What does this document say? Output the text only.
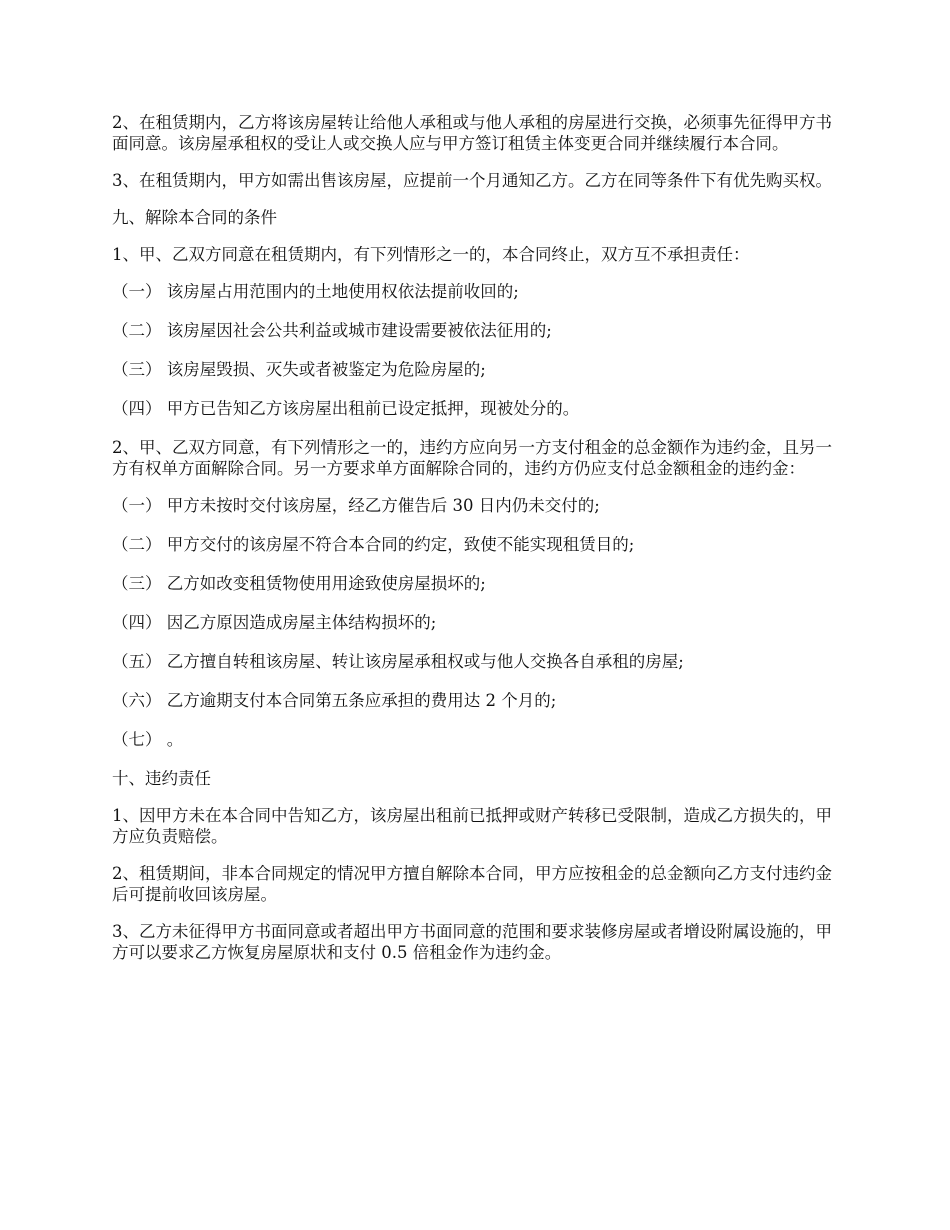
2、在租赁期内，乙方将该房屋转让给他人承租或与他人承租的房屋进行交换，必须事先征得甲方书面同意。该房屋承租权的受让人或交换人应与甲方签订租赁主体变更合同并继续履行本合同。

3、在租赁期内，甲方如需出售该房屋，应提前一个月通知乙方。乙方在同等条件下有优先购买权。

九、解除本合同的条件

1、甲、乙双方同意在租赁期内，有下列情形之一的，本合同终止，双方互不承担责任：

（一） 该房屋占用范围内的土地使用权依法提前收回的;

（二） 该房屋因社会公共利益或城市建设需要被依法征用的;

（三） 该房屋毁损、灭失或者被鉴定为危险房屋的;

（四） 甲方已告知乙方该房屋出租前已设定抵押，现被处分的。

2、甲、乙双方同意，有下列情形之一的，违约方应向另一方支付租金的总金额作为违约金，且另一方有权单方面解除合同。另一方要求单方面解除合同的，违约方仍应支付总金额租金的违约金：

（一） 甲方未按时交付该房屋，经乙方催告后 30 日内仍未交付的;

（二） 甲方交付的该房屋不符合本合同的约定，致使不能实现租赁目的;

（三） 乙方如改变租赁物使用用途致使房屋损坏的;

（四） 因乙方原因造成房屋主体结构损坏的;

（五） 乙方擅自转租该房屋、转让该房屋承租权或与他人交换各自承租的房屋;

（六） 乙方逾期支付本合同第五条应承担的费用达 2 个月的;

（七） 。

十、违约责任

1、因甲方未在本合同中告知乙方，该房屋出租前已抵押或财产转移已受限制，造成乙方损失的，甲方应负责赔偿。

2、租赁期间，非本合同规定的情况甲方擅自解除本合同，甲方应按租金的总金额向乙方支付违约金后可提前收回该房屋。

3、乙方未征得甲方书面同意或者超出甲方书面同意的范围和要求装修房屋或者增设附属设施的，甲方可以要求乙方恢复房屋原状和支付 0.5 倍租金作为违约金。
